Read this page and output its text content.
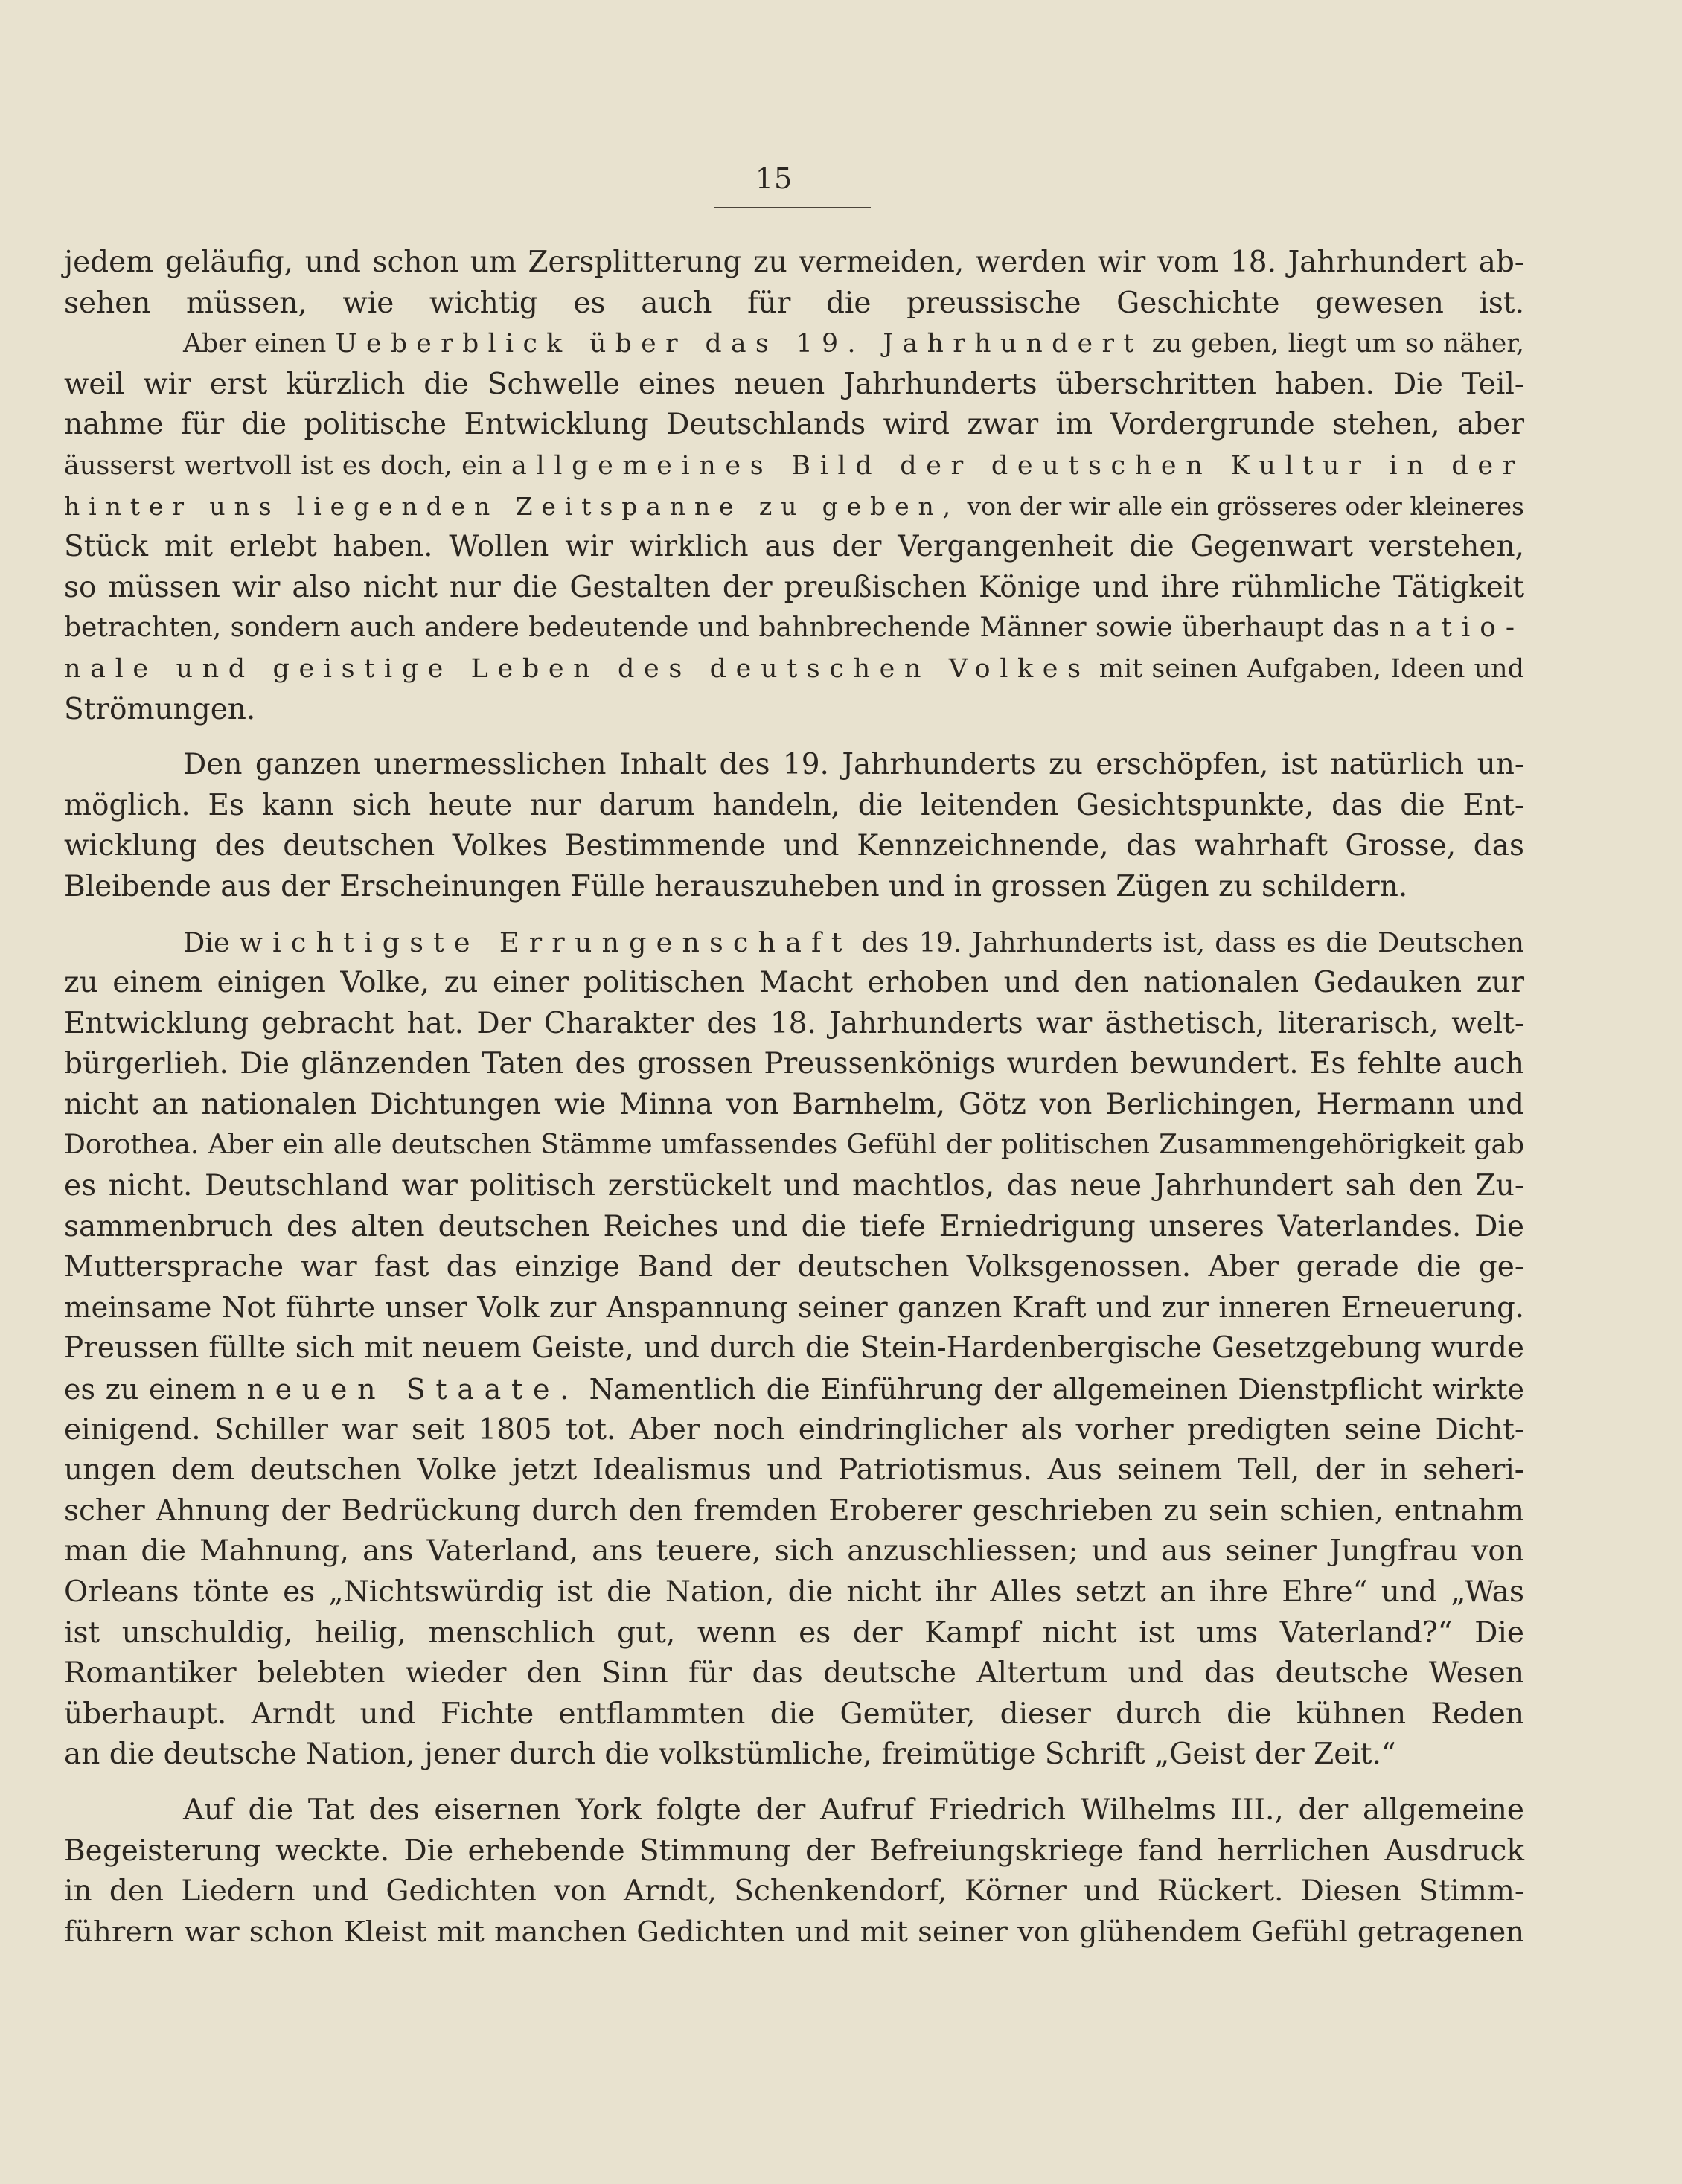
15
jedem geläufig, und schon um Zersplitterung zu vermeiden, werden wir vom 18. Jahrhundert ab-
sehen müssen, wie wichtig es auch für die preussische Geschichte gewesen ist.
Aber einen Ueberblick über das 19. Jahrhundert zu geben, liegt um so näher,
weil wir erst kürzlich die Schwelle eines neuen Jahrhunderts überschritten haben. Die Teil-
nahme für die politische Entwicklung Deutschlands wird zwar im Vordergrunde stehen, aber
äusserst wertvoll ist es doch, ein allgemeines Bild der deutschen Kultur in der
hinter uns liegenden Zeitspanne zu geben, von der wir alle ein grösseres oder kleineres
Stück mit erlebt haben. Wollen wir wirklich aus der Vergangenheit die Gegenwart verstehen,
so müssen wir also nicht nur die Gestalten der preußischen Könige und ihre rühmliche Tätigkeit
betrachten, sondern auch andere bedeutende und bahnbrechende Männer sowie überhaupt das natio-
nale und geistige Leben des deutschen Volkes mit seinen Aufgaben, Ideen und
Strömungen.
Den ganzen unermesslichen Inhalt des 19. Jahrhunderts zu erschöpfen, ist natürlich un-
möglich. Es kann sich heute nur darum handeln, die leitenden Gesichtspunkte, das die Ent-
wicklung des deutschen Volkes Bestimmende und Kennzeichnende, das wahrhaft Grosse, das
Bleibende aus der Erscheinungen Fülle herauszuheben und in grossen Zügen zu schildern.
Die wichtigste Errungenschaft des 19. Jahrhunderts ist, dass es die Deutschen
zu einem einigen Volke, zu einer politischen Macht erhoben und den nationalen Gedauken zur
Entwicklung gebracht hat. Der Charakter des 18. Jahrhunderts war ästhetisch, literarisch, welt-
bürgerlieh. Die glänzenden Taten des grossen Preussenkönigs wurden bewundert. Es fehlte auch
nicht an nationalen Dichtungen wie Minna von Barnhelm, Götz von Berlichingen, Hermann und
Dorothea. Aber ein alle deutschen Stämme umfassendes Gefühl der politischen Zusammengehörigkeit gab
es nicht. Deutschland war politisch zerstückelt und machtlos, das neue Jahrhundert sah den Zu-
sammenbruch des alten deutschen Reiches und die tiefe Erniedrigung unseres Vaterlandes. Die
Muttersprache war fast das einzige Band der deutschen Volksgenossen. Aber gerade die ge-
meinsame Not führte unser Volk zur Anspannung seiner ganzen Kraft und zur inneren Erneuerung.
Preussen füllte sich mit neuem Geiste, und durch die Stein-Hardenbergische Gesetzgebung wurde
es zu einem neuen Staate. Namentlich die Einführung der allgemeinen Dienstpflicht wirkte
einigend. Schiller war seit 1805 tot. Aber noch eindringlicher als vorher predigten seine Dicht-
ungen dem deutschen Volke jetzt Idealismus und Patriotismus. Aus seinem Tell, der in seheri-
scher Ahnung der Bedrückung durch den fremden Eroberer geschrieben zu sein schien, entnahm
man die Mahnung, ans Vaterland, ans teuere, sich anzuschliessen; und aus seiner Jungfrau von
Orleans tönte es „Nichtswürdig ist die Nation, die nicht ihr Alles setzt an ihre Ehre“ und „Was
ist unschuldig, heilig, menschlich gut, wenn es der Kampf nicht ist ums Vaterland?“ Die
Romantiker belebten wieder den Sinn für das deutsche Altertum und das deutsche Wesen
überhaupt. Arndt und Fichte entflammten die Gemüter, dieser durch die kühnen Reden
an die deutsche Nation, jener durch die volkstümliche, freimütige Schrift „Geist der Zeit.“
Auf die Tat des eisernen York folgte der Aufruf Friedrich Wilhelms III., der allgemeine
Begeisterung weckte. Die erhebende Stimmung der Befreiungskriege fand herrlichen Ausdruck
in den Liedern und Gedichten von Arndt, Schenkendorf, Körner und Rückert. Diesen Stimm-
führern war schon Kleist mit manchen Gedichten und mit seiner von glühendem Gefühl getragenen
